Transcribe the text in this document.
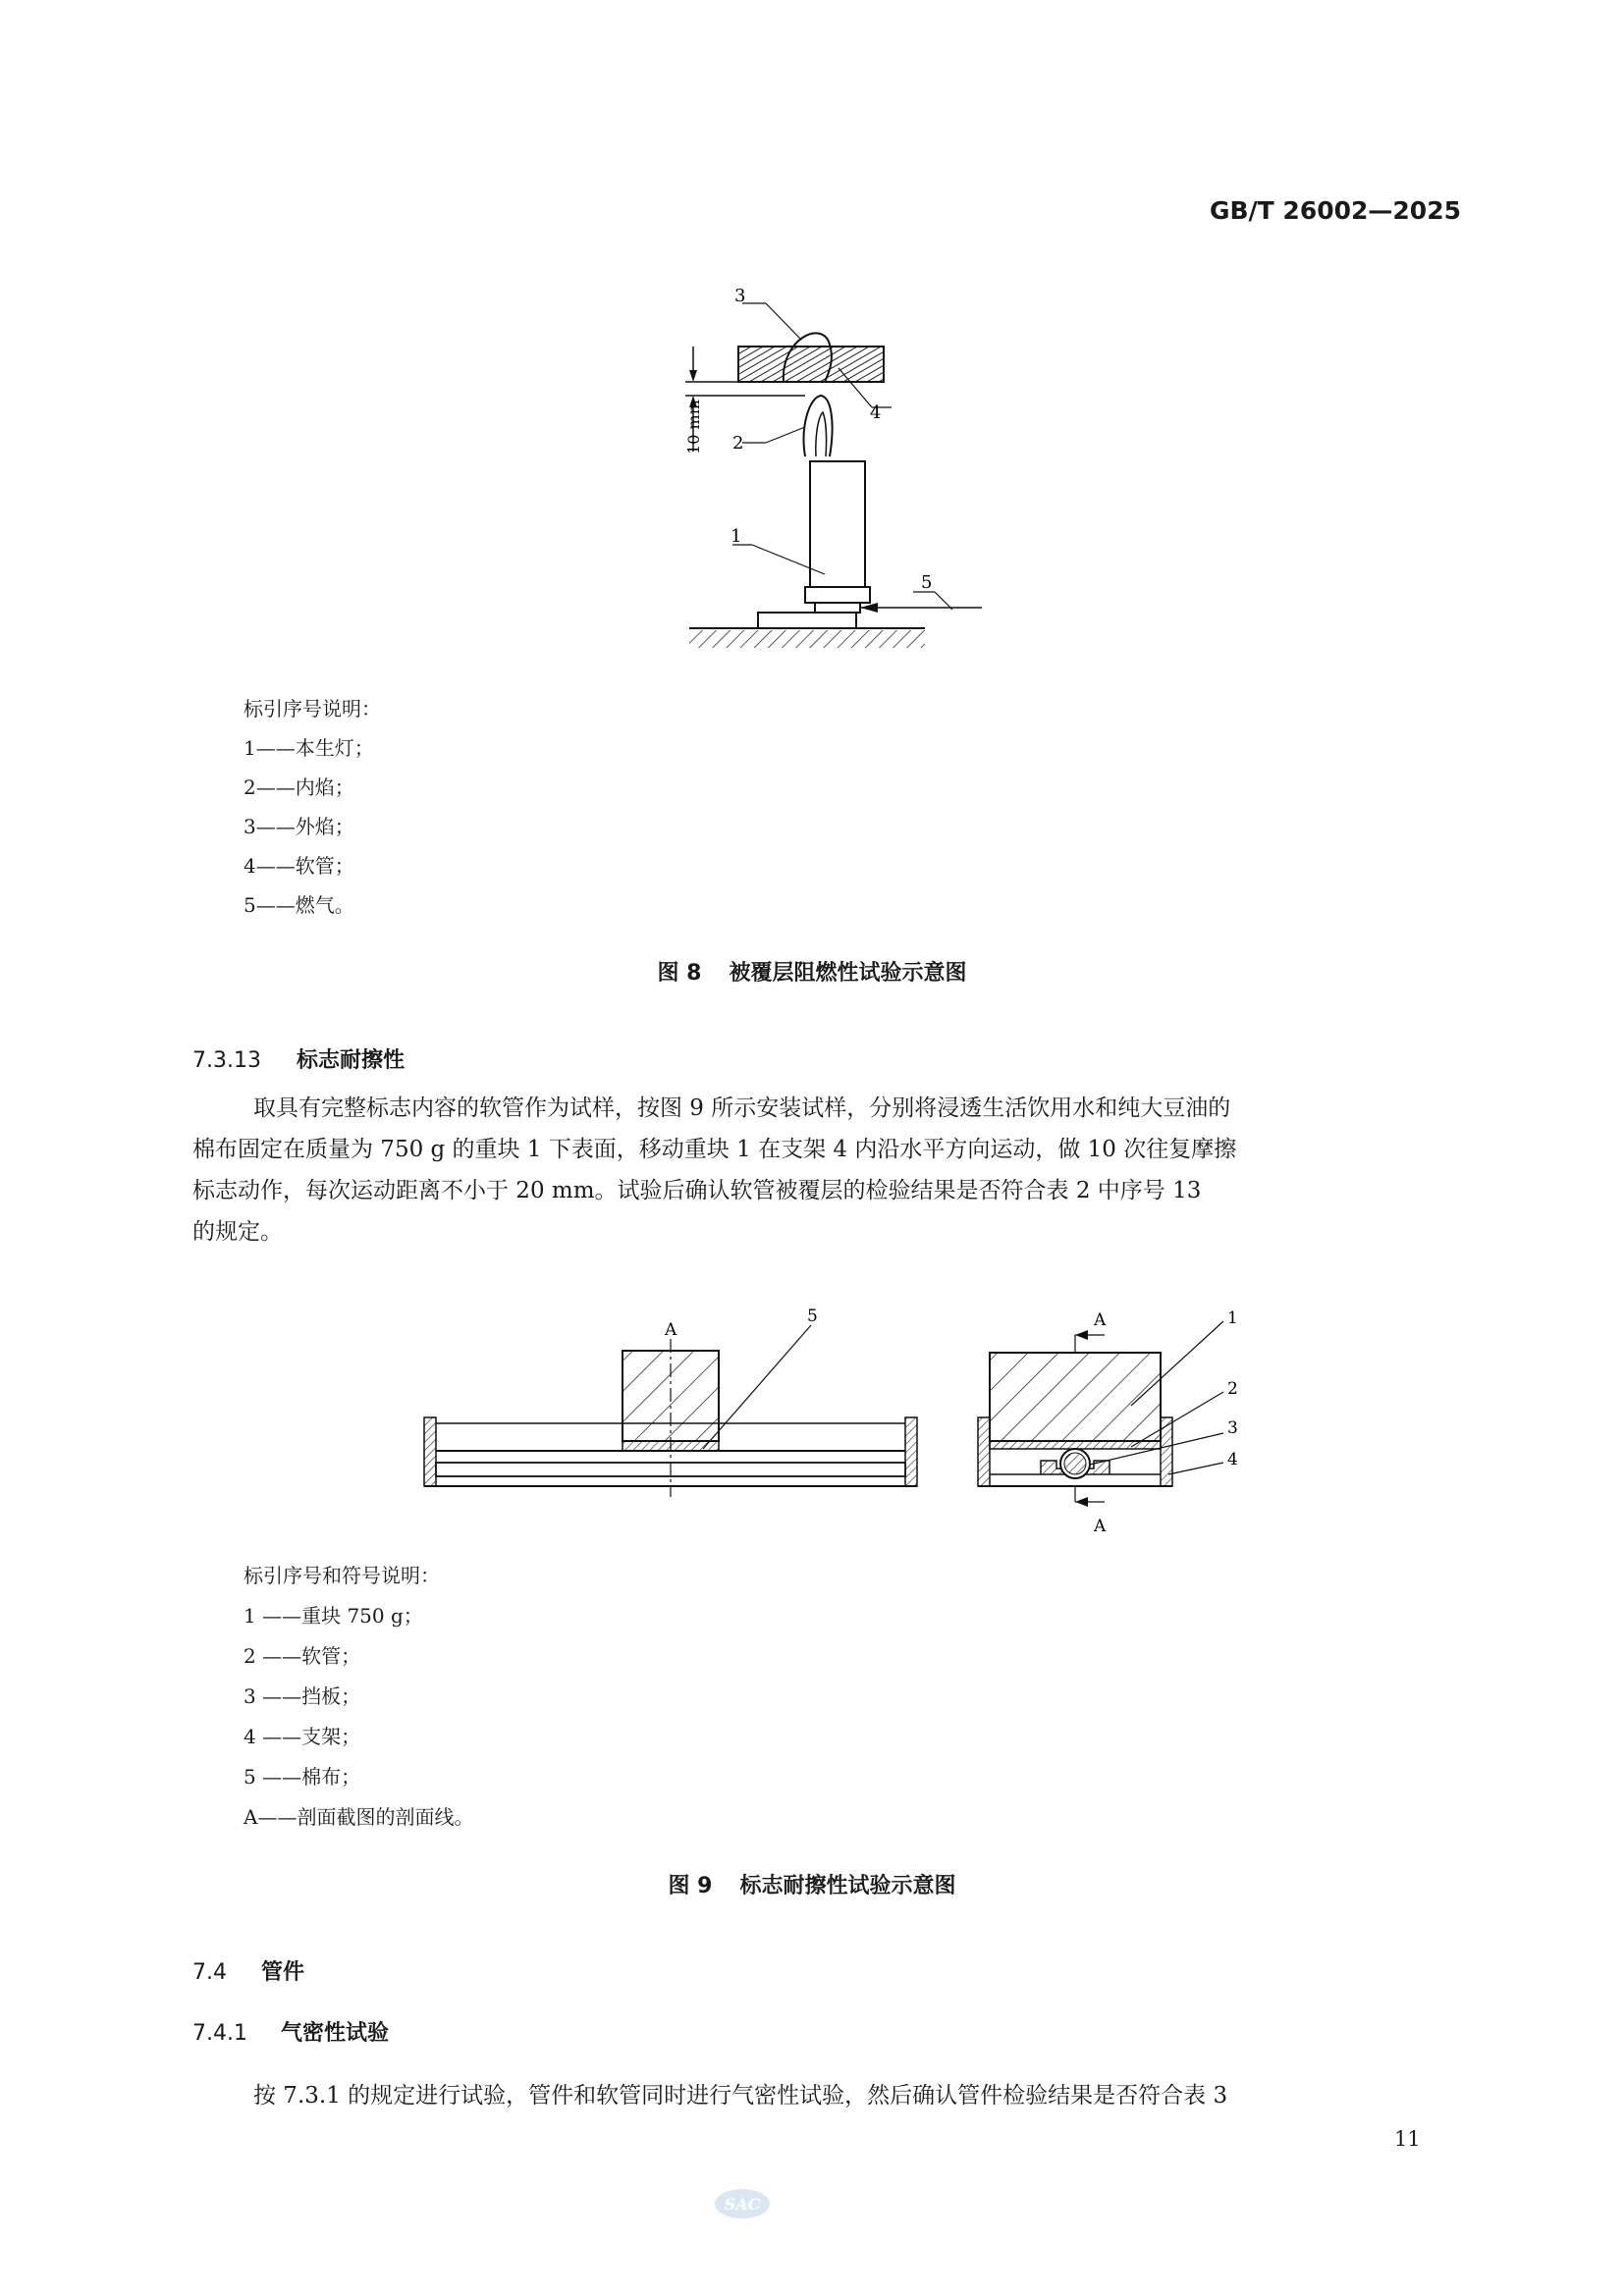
GB/T 26002—2025
10 mm
3
4
2
1
5
标引序号说明：
1——本生灯；
2——内焰；
3——外焰；
4——软管；
5——燃气。
图 8 被覆层阻燃性试验示意图
7.3.13 标志耐擦性
取具有完整标志内容的软管作为试样，按图 9 所示安装试样，分别将浸透生活饮用水和纯大豆油的
棉布固定在质量为 750 g 的重块 1 下表面，移动重块 1 在支架 4 内沿水平方向运动，做 10 次往复摩擦
标志动作，每次运动距离不小于 20 mm。试验后确认软管被覆层的检验结果是否符合表 2 中序号 13
的规定。
A
5	A
A
1
2
3
4
标引序号和符号说明：
1 ——重块 750 g；
2 ——软管；
3 ——挡板；
4 ——支架；
5 ——棉布；
A——剖面截图的剖面线。
图 9 标志耐擦性试验示意图
7.4 管件
7.4.1 气密性试验
按 7.3.1 的规定进行试验，管件和软管同时进行气密性试验，然后确认管件检验结果是否符合表 3
11
SAC
